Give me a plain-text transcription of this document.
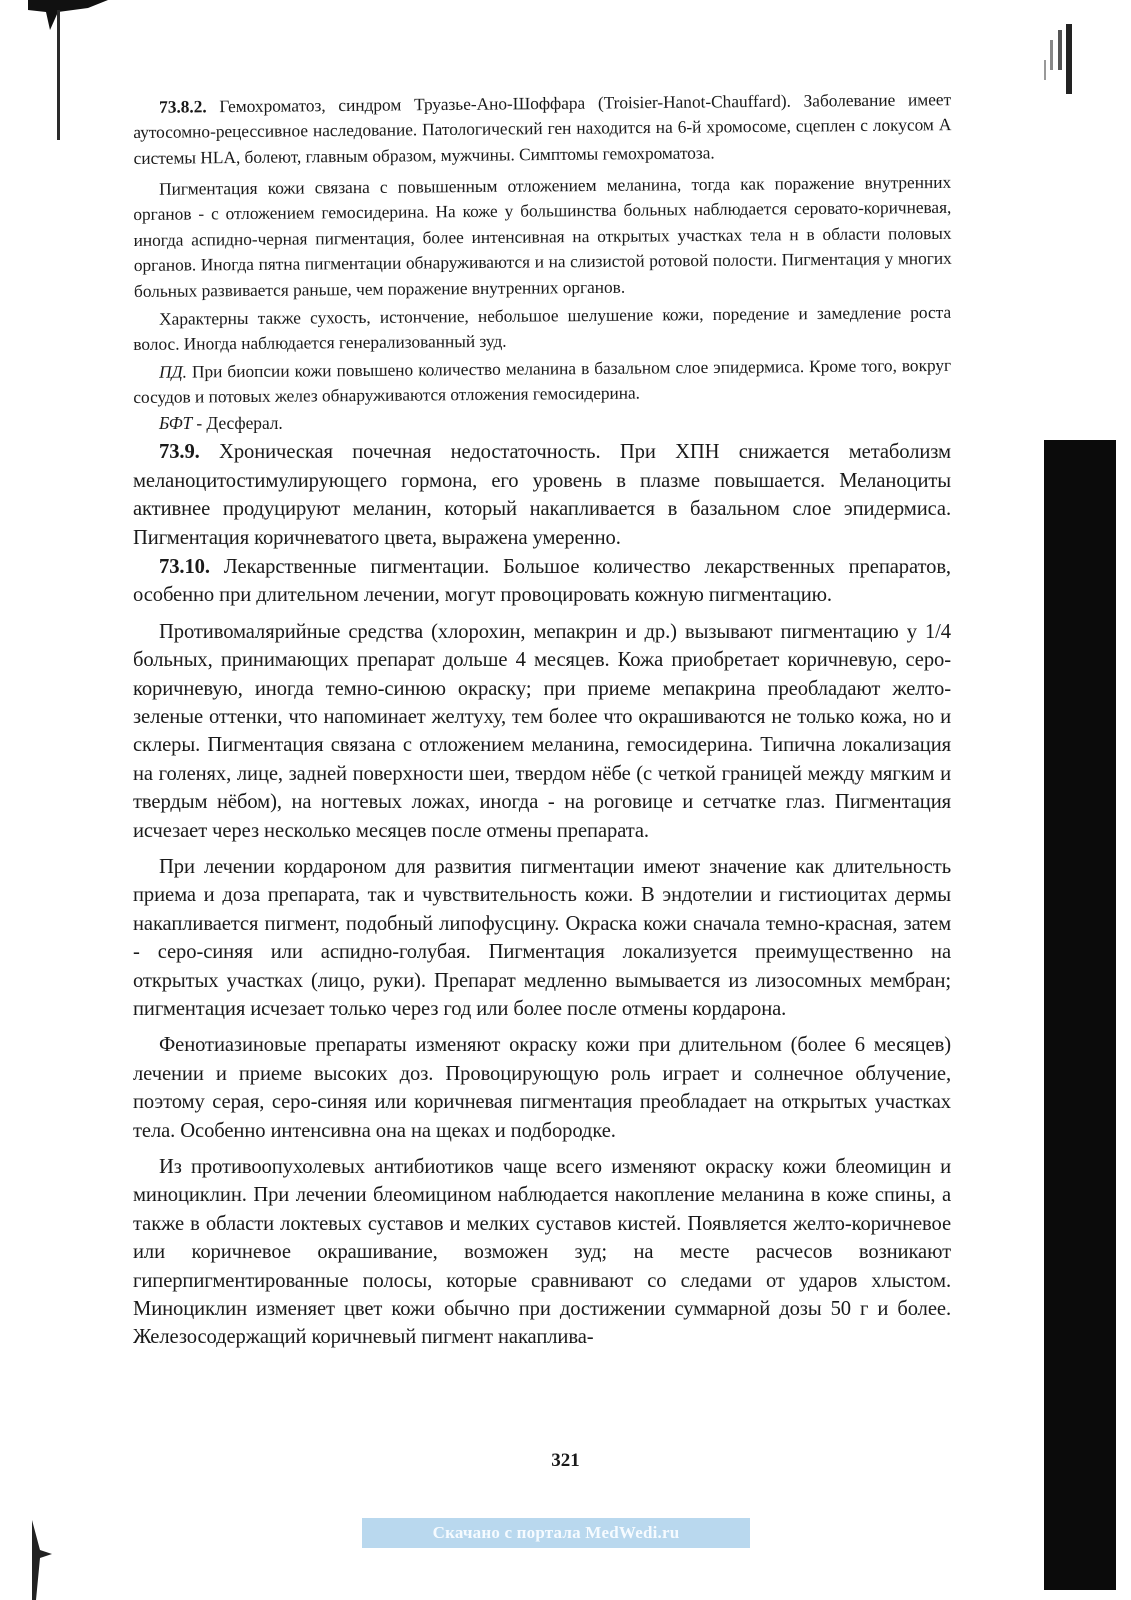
73.8.2. Гемохроматоз, синдром Труазье-Ано-Шоффара (Troisier-Hanot-Chauffard). Заболевание имеет аутосомно-рецессивное наследование. Патологический ген находится на 6-й хромосоме, сцеплен с локусом А системы HLA, болеют, главным образом, мужчины. Симптомы гемохроматоза.

Пигментация кожи связана с повышенным отложением меланина, тогда как поражение внутренних органов - с отложением гемосидерина. На коже у большинства больных наблюдается серовато-коричневая, иногда аспидно-черная пигментация, более интенсивная на открытых участках тела н в области половых органов. Иногда пятна пигментации обнаруживаются и на слизистой ротовой полости. Пигментация у многих больных развивается раньше, чем поражение внутренних органов.

Характерны также сухость, истончение, небольшое шелушение кожи, поредение и замедление роста волос. Иногда наблюдается генерализованный зуд.

ПД. При биопсии кожи повышено количество меланина в базальном слое эпидермиса. Кроме того, вокруг сосудов и потовых желез обнаруживаются отложения гемосидерина.

БФТ - Десферал.

73.9. Хроническая почечная недостаточность. При ХПН снижается метаболизм меланоцитостимулирующего гормона, его уровень в плазме повышается. Меланоциты активнее продуцируют меланин, который накапливается в базальном слое эпидермиса. Пигментация коричневатого цвета, выражена умеренно.

73.10. Лекарственные пигментации. Большое количество лекарственных препаратов, особенно при длительном лечении, могут провоцировать кожную пигментацию.

Противомалярийные средства (хлорохин, мепакрин и др.) вызывают пигментацию у 1/4 больных, принимающих препарат дольше 4 месяцев. Кожа приобретает коричневую, серо-коричневую, иногда темно-синюю окраску; при приеме мепакрина преобладают желто-зеленые оттенки, что напоминает желтуху, тем более что окрашиваются не только кожа, но и склеры. Пигментация связана с отложением меланина, гемосидерина. Типична локализация на голенях, лице, задней поверхности шеи, твердом нёбе (с четкой границей между мягким и твердым нёбом), на ногтевых ложах, иногда - на роговице и сетчатке глаз. Пигментация исчезает через несколько месяцев после отмены препарата.

При лечении кордароном для развития пигментации имеют значение как длительность приема и доза препарата, так и чувствительность кожи. В эндотелии и гистиоцитах дермы накапливается пигмент, подобный липофусцину. Окраска кожи сначала темно-красная, затем - серо-синяя или аспидно-голубая. Пигментация локализуется преимущественно на открытых участках (лицо, руки). Препарат медленно вымывается из лизосомных мембран; пигментация исчезает только через год или более после отмены кордарона.

Фенотиазиновые препараты изменяют окраску кожи при длительном (более 6 месяцев) лечении и приеме высоких доз. Провоцирующую роль играет и солнечное облучение, поэтому серая, серо-синяя или коричневая пигментация преобладает на открытых участках тела. Особенно интенсивна она на щеках и подбородке.

Из противоопухолевых антибиотиков чаще всего изменяют окраску кожи блеомицин и миноциклин. При лечении блеомицином наблюдается накопление меланина в коже спины, а также в области локтевых суставов и мелких суставов кистей. Появляется желто-коричневое или коричневое окрашивание, возможен зуд; на месте расчесов возникают гиперпигментированные полосы, которые сравнивают со следами от ударов хлыстом. Миноциклин изменяет цвет кожи обычно при достижении суммарной дозы 50 г и более. Железосодержащий коричневый пигмент накаплива-

321
Скачано с портала MedWedi.ru
